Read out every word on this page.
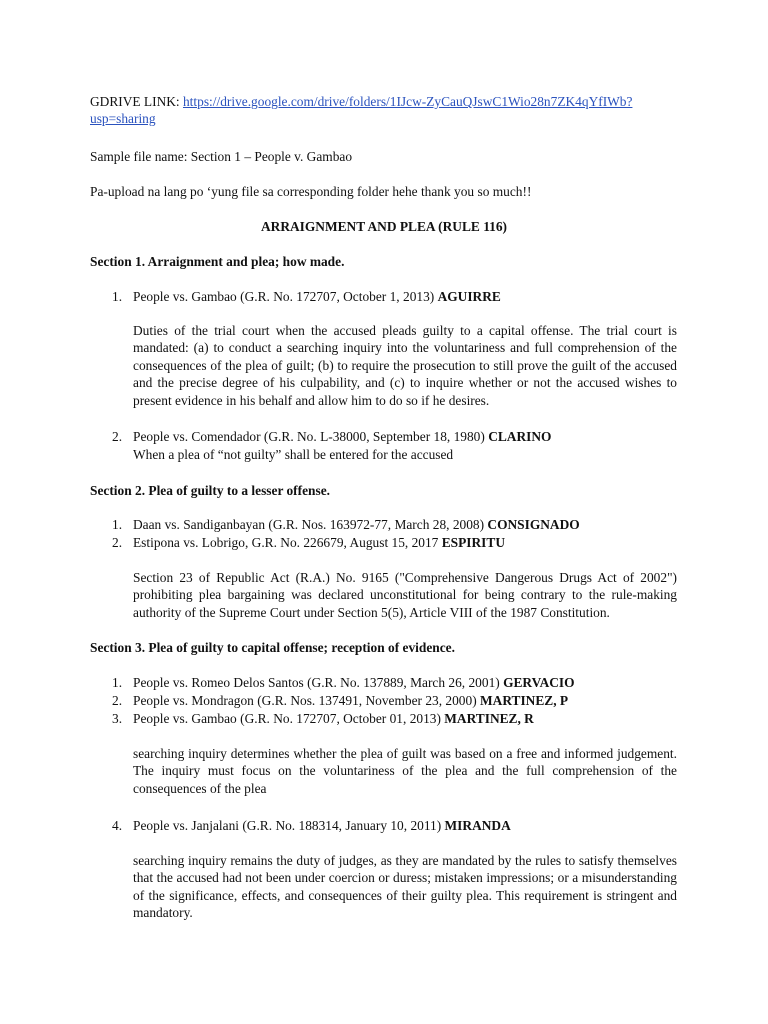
GDRIVE LINK: https://drive.google.com/drive/folders/1IJcw-ZyCauQJswC1Wio28n7ZK4qYfIWb?
usp=sharing

Sample file name: Section 1 – People v. Gambao

Pa-upload na lang po ‘yung file sa corresponding folder hehe thank you so much!!

ARRAIGNMENT AND PLEA (RULE 116)

Section 1. Arraignment and plea; how made.

1. People vs. Gambao (G.R. No. 172707, October 1, 2013) AGUIRRE

Duties of the trial court when the accused pleads guilty to a capital offense. The trial court is mandated: (a) to conduct a searching inquiry into the voluntariness and full comprehension of the consequences of the plea of guilt; (b) to require the prosecution to still prove the guilt of the accused and the precise degree of his culpability, and (c) to inquire whether or not the accused wishes to present evidence in his behalf and allow him to do so if he desires.

2. People vs. Comendador (G.R. No. L-38000, September 18, 1980) CLARINO

When a plea of “not guilty” shall be entered for the accused

Section 2. Plea of guilty to a lesser offense.

1. Daan vs. Sandiganbayan (G.R. Nos. 163972-77, March 28, 2008) CONSIGNADO
2. Estipona vs. Lobrigo, G.R. No. 226679, August 15, 2017 ESPIRITU

Section 23 of Republic Act (R.A.) No. 9165 ("Comprehensive Dangerous Drugs Act of 2002") prohibiting plea bargaining was declared unconstitutional for being contrary to the rule-making authority of the Supreme Court under Section 5(5), Article VIII of the 1987 Constitution.

Section 3. Plea of guilty to capital offense; reception of evidence.

1. People vs. Romeo Delos Santos (G.R. No. 137889, March 26, 2001) GERVACIO
2. People vs. Mondragon (G.R. Nos. 137491, November 23, 2000) MARTINEZ, P
3. People vs. Gambao (G.R. No. 172707, October 01, 2013) MARTINEZ, R

searching inquiry determines whether the plea of guilt was based on a free and informed judgement. The inquiry must focus on the voluntariness of the plea and the full comprehension of the consequences of the plea

4. People vs. Janjalani (G.R. No. 188314, January 10, 2011) MIRANDA

searching inquiry remains the duty of judges, as they are mandated by the rules to satisfy themselves that the accused had not been under coercion or duress; mistaken impressions; or a misunderstanding of the significance, effects, and consequences of their guilty plea. This requirement is stringent and mandatory.
